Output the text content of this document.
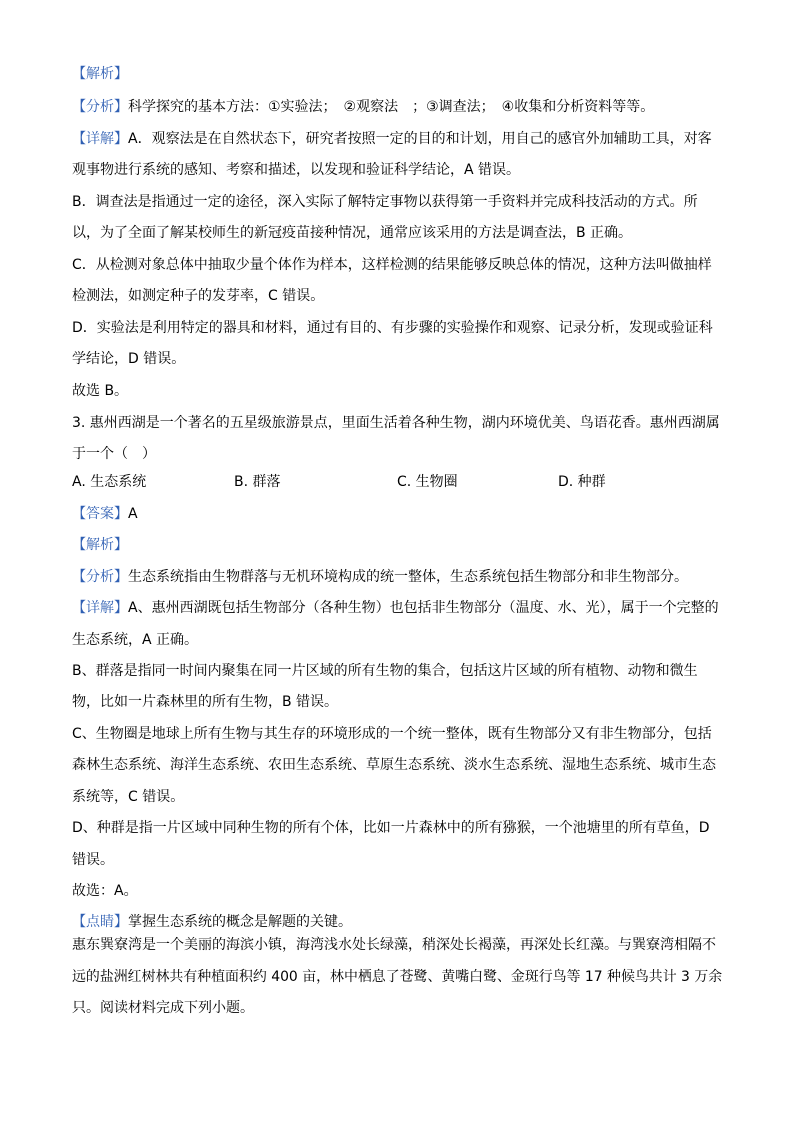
【解析】
【分析】科学探究的基本方法：①实验法；　②观察法　；③调查法；　④收集和分析资料等等。
【详解】A．观察法是在自然状态下，研究者按照一定的目的和计划，用自己的感官外加辅助工具，对客
观事物进行系统的感知、考察和描述，以发现和验证科学结论，A 错误。
B．调查法是指通过一定的途径，深入实际了解特定事物以获得第一手资料并完成科技活动的方式。所
以，为了全面了解某校师生的新冠疫苗接种情况，通常应该采用的方法是调查法，B 正确。
C．从检测对象总体中抽取少量个体作为样本，这样检测的结果能够反映总体的情况，这种方法叫做抽样
检测法，如测定种子的发芽率，C 错误。
D．实验法是利用特定的器具和材料，通过有目的、有步骤的实验操作和观察、记录分析，发现或验证科
学结论，D 错误。
故选 B。
3. 惠州西湖是一个著名的五星级旅游景点，里面生活着各种生物，湖内环境优美、鸟语花香。惠州西湖属
于一个（　）
A. 生态系统	B. 群落	C. 生物圈	D. 种群
【答案】A
【解析】
【分析】生态系统指由生物群落与无机环境构成的统一整体，生态系统包括生物部分和非生物部分。
【详解】A、惠州西湖既包括生物部分（各种生物）也包括非生物部分（温度、水、光），属于一个完整的
生态系统，A 正确。
B、群落是指同一时间内聚集在同一片区域的所有生物的集合，包括这片区域的所有植物、动物和微生
物，比如一片森林里的所有生物，B 错误。
C、生物圈是地球上所有生物与其生存的环境形成的一个统一整体，既有生物部分又有非生物部分，包括
森林生态系统、海洋生态系统、农田生态系统、草原生态系统、淡水生态系统、湿地生态系统、城市生态
系统等，C 错误。
D、种群是指一片区域中同种生物的所有个体，比如一片森林中的所有猕猴，一个池塘里的所有草鱼，D
错误。
故选：A。
【点睛】掌握生态系统的概念是解题的关键。
惠东巽寮湾是一个美丽的海滨小镇，海湾浅水处长绿藻，稍深处长褐藻，再深处长红藻。与巽寮湾相隔不
远的盐洲红树林共有种植面积约 400 亩，林中栖息了苍鹭、黄嘴白鹭、金斑行鸟等 17 种候鸟共计 3 万余
只。阅读材料完成下列小题。
